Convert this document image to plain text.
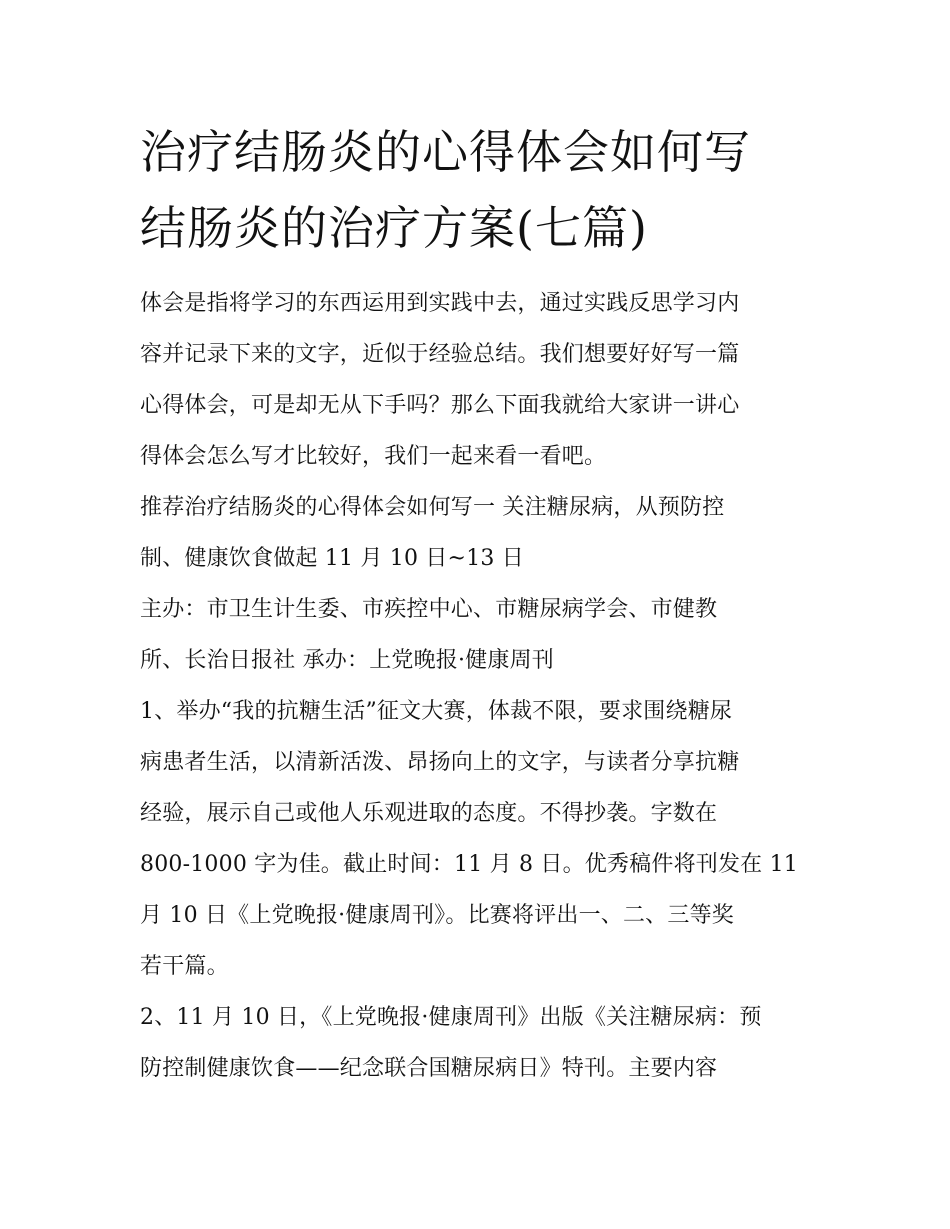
治疗结肠炎的心得体会如何写
结肠炎的治疗方案(七篇)

体会是指将学习的东西运用到实践中去，通过实践反思学习内
容并记录下来的文字，近似于经验总结。我们想要好好写一篇
心得体会，可是却无从下手吗？那么下面我就给大家讲一讲心
得体会怎么写才比较好，我们一起来看一看吧。

推荐治疗结肠炎的心得体会如何写一 关注糖尿病，从预防控
制、健康饮食做起 11 月 10 日~13 日

主办：市卫生计生委、市疾控中心、市糖尿病学会、市健教
所、长治日报社 承办：上党晚报·健康周刊

1、举办“我的抗糖生活”征文大赛，体裁不限，要求围绕糖尿
病患者生活，以清新活泼、昂扬向上的文字，与读者分享抗糖
经验，展示自己或他人乐观进取的态度。不得抄袭。字数在
800-1000 字为佳。截止时间：11 月 8 日。优秀稿件将刊发在 11
月 10 日《上党晚报·健康周刊》。比赛将评出一、二、三等奖
若干篇。

2、11 月 10 日，《上党晚报·健康周刊》出版《关注糖尿病：预
防控制健康饮食——纪念联合国糖尿病日》特刊。主要内容
